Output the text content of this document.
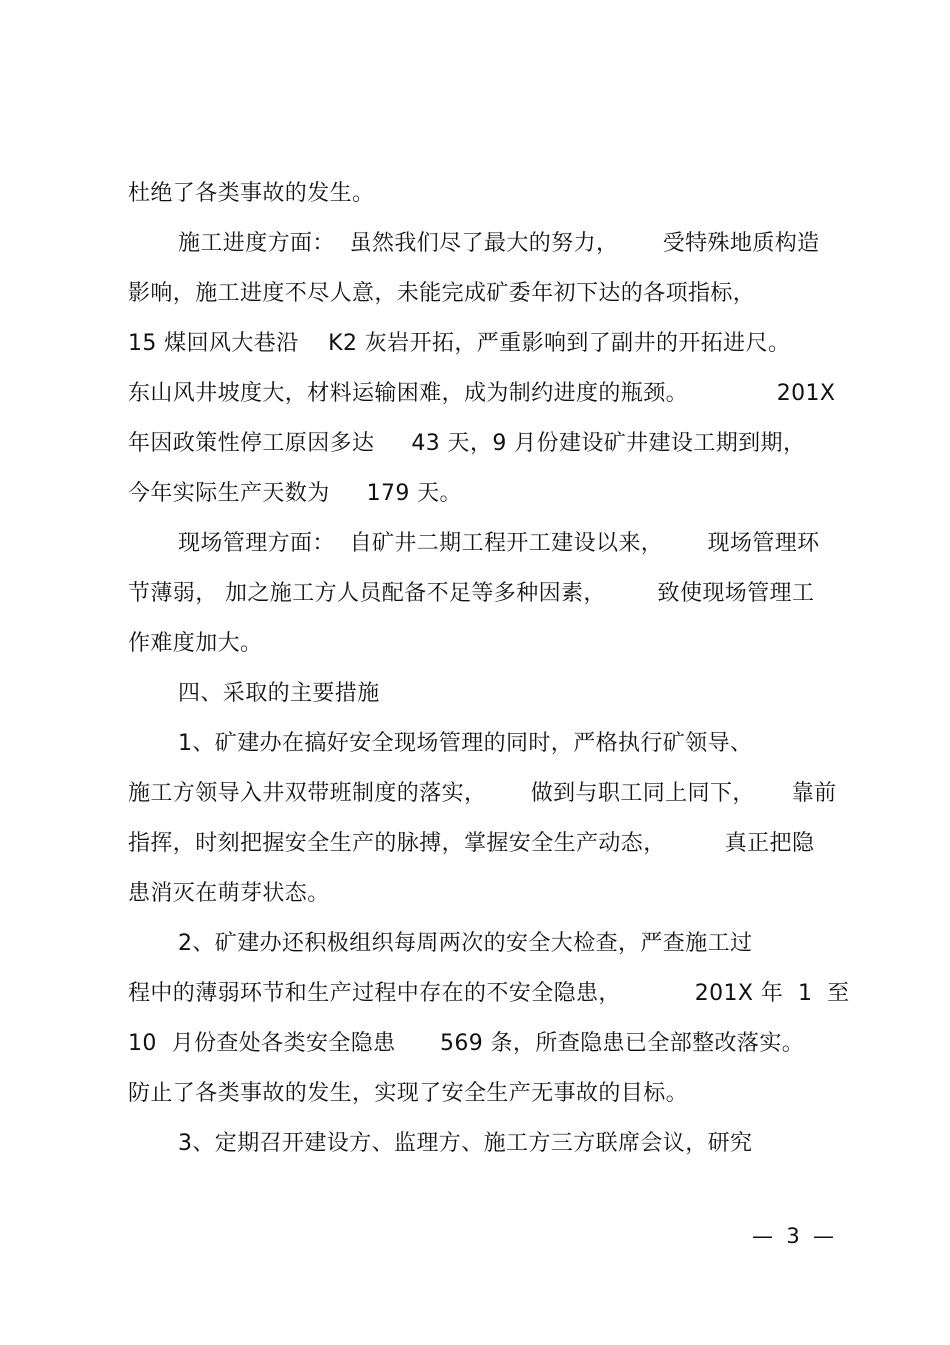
杜绝了各类事故的发生。
施工进度方面：  虽然我们尽了最大的努力，      受特殊地质构造
影响，施工进度不尽人意，未能完成矿委年初下达的各项指标，
15 煤回风大巷沿    K2 灰岩开拓，严重影响到了副井的开拓进尺。
东山风井坡度大，材料运输困难，成为制约进度的瓶颈。            201X
年因政策性停工原因多达     43 天，9 月份建设矿井建设工期到期，
今年实际生产天数为     179 天。
现场管理方面：  自矿井二期工程开工建设以来，      现场管理环
节薄弱， 加之施工方人员配备不足等多种因素，       致使现场管理工
作难度加大。
四、采取的主要措施
1、矿建办在搞好安全现场管理的同时，严格执行矿领导、
施工方领导入井双带班制度的落实，      做到与职工同上同下，     靠前
指挥，时刻把握安全生产的脉搏，掌握安全生产动态，        真正把隐
患消灭在萌芽状态。
2、矿建办还积极组织每周两次的安全大检查，严查施工过
程中的薄弱环节和生产过程中存在的不安全隐患，          201X 年  1  至
10  月份查处各类安全隐患      569 条，所查隐患已全部整改落实。
防止了各类事故的发生，实现了安全生产无事故的目标。
3、定期召开建设方、监理方、施工方三方联席会议，研究
—  3  —
